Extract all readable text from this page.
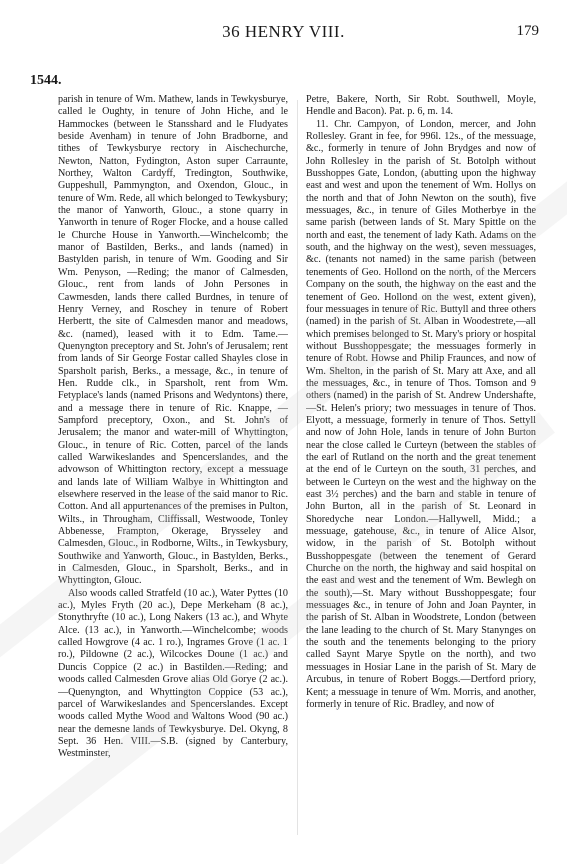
36 HENRY VIII.	179
1544.

parish in tenure of Wm. Mathew, lands in Tewkysburye, called le Oughty, in tenure of John Hiche, and le Hammockes (between le Stansshard and le Fludyates beside Avenham) in tenure of John Bradborne, and tithes of Tewkysburye rectory in Aischechurche, Newton, Natton, Fydington, Aston super Carraunte, Northey, Walton Cardyff, Tredington, Southwike, Guppeshull, Pammyngton, and Oxendon, Glouc., in tenure of Wm. Rede, all which belonged to Tewkysbury; the manor of Yanworth, Glouc., a stone quarry in Yanworth in tenure of Roger Flocke, and a house called le Churche House in Yanworth.—Winchelcomb; the manor of Bastilden, Berks., and lands (named) in Bastylden parish, in tenure of Wm. Gooding and Sir Wm. Penyson, —Reding; the manor of Calmesden, Glouc., rent from lands of John Persones in Cawmesden, lands there called Burdnes, in tenure of Henry Verney, and Roschey in tenure of Robert Herbertt, the site of Calmesden manor and meadows, &c. (named), leased with it to Edm. Tame.—Quenyngton preceptory and St. John's of Jerusalem; rent from lands of Sir George Fostar called Shayles close in Sparsholt parish, Berks., a message, &c., in tenure of Hen. Rudde clk., in Sparsholt, rent from Wm. Fetyplace's lands (named Prisons and Wedyntons) there, and a message there in tenure of Ric. Knappe, —Sampford preceptory, Oxon., and St. John's of Jerusalem; the manor and water-mill of Whyttington, Glouc., in tenure of Ric. Cotten, parcel of the lands called Warwikeslandes and Spencerslandes, and the advowson of Whittington rectory, except a messuage and lands late of William Walbye in Whittington and elsewhere reserved in the lease of the said manor to Ric. Cotton. And all appurtenances of the premises in Pulton, Wilts., in Througham, Cliffissall, Westwoode, Tonley Abbenesse, Frampton, Okerage, Brysseley and Calmesden, Glouc., in Rodborne, Wilts., in Tewkysbury, Southwike and Yanworth, Glouc., in Bastylden, Berks., in Calmesden, Glouc., in Sparsholt, Berks., and in Whyttington, Glouc.

Also woods called Stratfeld (10 ac.), Water Pyttes (10 ac.), Myles Fryth (20 ac.), Depe Merkeham (8 ac.), Stonythryfte (10 ac.), Long Nakers (13 ac.), and Whyte Alce. (13 ac.), in Yanworth.—Winchelcombe; woods called Howgrove (4 ac. 1 ro.), Ingrames Grove (1 ac. 1 ro.), Pildowne (2 ac.), Wilcockes Doune (1 ac.) and Duncis Coppice (2 ac.) in Bastilden.—Reding; and woods called Calmesden Grove alias Old Gorye (2 ac.).—Quenyngton, and Whyttington Coppice (53 ac.), parcel of Warwikeslandes and Spencerslandes. Except woods called Mythe Wood and Waltons Wood (90 ac.) near the demesne lands of Tewkysburye. Del. Okyng, 8 Sept. 36 Hen. VIII.—S.B. (signed by Canterbury, Westminster,

Petre, Bakere, North, Sir Robt. Southwell, Moyle, Hendle and Bacon). Pat. p. 6, m. 14.

11. Chr. Campyon, of London, mercer, and John Rollesley. Grant in fee, for 996l. 12s., of the messuage, &c., formerly in tenure of John Brydges and now of John Rollesley in the parish of St. Botolph without Busshoppes Gate, London, (abutting upon the highway east and west and upon the tenement of Wm. Hollys on the north and that of John Newton on the south), five messuages, &c., in tenure of Giles Motherbye in the same parish (between lands of St. Mary Spittle on the north and east, the tenement of lady Kath. Adams on the south, and the highway on the west), seven messuages, &c. (tenants not named) in the same parish (between tenements of Geo. Hollond on the north, of the Mercers Company on the south, the highway on the east and the tenement of Geo. Hollond on the west, extent given), four messuages in tenure of Ric. Buttyll and three others (named) in the parish of St. Alban in Woodestrete,—all which premises belonged to St. Mary's priory or hospital without Busshoppesgate; the messuages formerly in tenure of Robt. Howse and Philip Fraunces, and now of Wm. Shelton, in the parish of St. Mary att Axe, and all the messuages, &c., in tenure of Thos. Tomson and 9 others (named) in the parish of St. Andrew Undershafte,—St. Helen's priory; two messuages in tenure of Thos. Elyott, a messuage, formerly in tenure of Thos. Settyll and now of John Hole, lands in tenure of John Burton near the close called le Curteyn (between the stables of the earl of Rutland on the north and the great tenement at the end of le Curteyn on the south, 31 perches, and between le Curteyn on the west and the highway on the east 3½ perches) and the barn and stable in tenure of John Burton, all in the parish of St. Leonard in Shoredyche near London.—Hallywell, Midd.; a messuage, gatehouse, &c., in tenure of Alice Alsor, widow, in the parish of St. Botolph without Busshoppesgate (between the tenement of Gerard Churche on the north, the highway and said hospital on the east and west and the tenement of Wm. Bewlegh on the south),—St. Mary without Busshoppesgate; four messuages &c., in tenure of John and Joan Paynter, in the parish of St. Alban in Woodstrete, London (between the lane leading to the church of St. Mary Stanynges on the south and the tenements belonging to the priory called Saynt Marye Spytle on the north), and two messuages in Hosiar Lane in the parish of St. Mary de Arcubus, in tenure of Robert Boggs.—Dertford priory, Kent; a messuage in tenure of Wm. Morris, and another, formerly in tenure of Ric. Bradley, and now of
